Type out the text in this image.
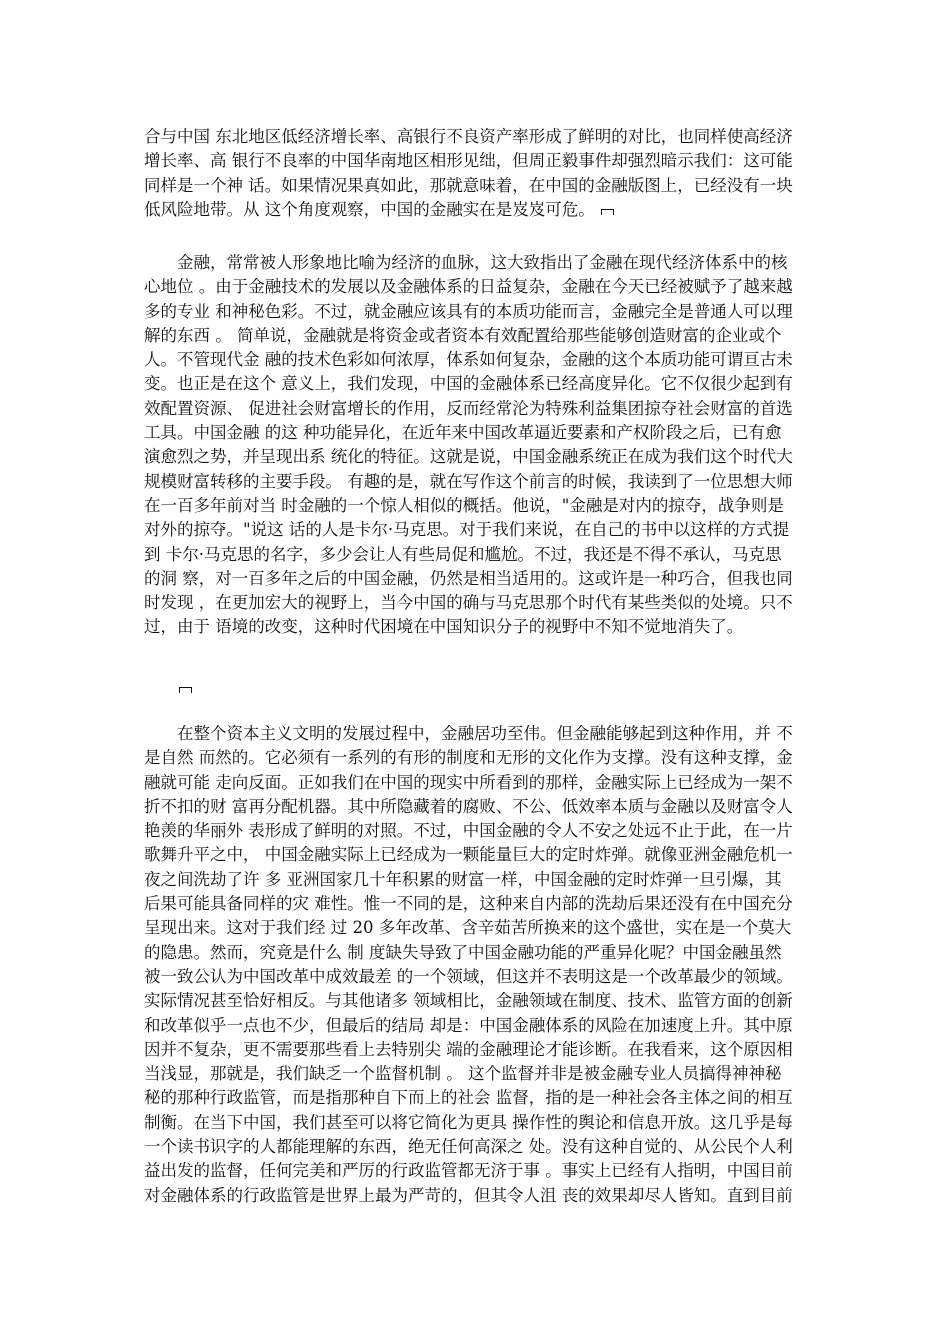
合与中国 东北地区低经济增长率、高银行不良资产率形成了鲜明的对比，也同样使高经济
增长率、高 银行不良率的中国华南地区相形见绌，但周正毅事件却强烈暗示我们：这可能
同样是一个神 话。如果情况果真如此，那就意味着，在中国的金融版图上，已经没有一块
低风险地带。从 这个角度观察，中国的金融实在是岌岌可危。
　　金融，常常被人形象地比喻为经济的血脉，这大致指出了金融在现代经济体系中的核
心地位 。由于金融技术的发展以及金融体系的日益复杂，金融在今天已经被赋予了越来越
多的专业 和神秘色彩。不过，就金融应该具有的本质功能而言，金融完全是普通人可以理
解的东西 。 简单说，金融就是将资金或者资本有效配置给那些能够创造财富的企业或个
人。不管现代金 融的技术色彩如何浓厚，体系如何复杂，金融的这个本质功能可谓亘古未
变。也正是在这个 意义上，我们发现，中国的金融体系已经高度异化。它不仅很少起到有
效配置资源、 促进社会财富增长的作用，反而经常沦为特殊利益集团掠夺社会财富的首选
工具。中国金融 的这 种功能异化，在近年来中国改革逼近要素和产权阶段之后，已有愈
演愈烈之势，并呈现出系 统化的特征。这就是说，中国金融系统正在成为我们这个时代大
规模财富转移的主要手段。 有趣的是，就在写作这个前言的时候，我读到了一位思想大师
在一百多年前对当 时金融的一个惊人相似的概括。他说，"金融是对内的掠夺，战争则是
对外的掠夺。"说这 话的人是卡尔·马克思。对于我们来说，在自己的书中以这样的方式提
到 卡尔·马克思的名字，多少会让人有些局促和尴尬。不过，我还是不得不承认，马克思
的洞 察，对一百多年之后的中国金融，仍然是相当适用的。这或许是一种巧合，但我也同
时发现 ，在更加宏大的视野上，当今中国的确与马克思那个时代有某些类似的处境。只不
过，由于 语境的改变，这种时代困境在中国知识分子的视野中不知不觉地消失了。
　　在整个资本主义文明的发展过程中，金融居功至伟。但金融能够起到这种作用，并 不
是自然 而然的。它必须有一系列的有形的制度和无形的文化作为支撑。没有这种支撑，金
融就可能 走向反面。正如我们在中国的现实中所看到的那样，金融实际上已经成为一架不
折不扣的财 富再分配机器。其中所隐藏着的腐败、不公、低效率本质与金融以及财富令人
艳羡的华丽外 表形成了鲜明的对照。不过，中国金融的令人不安之处远不止于此，在一片
歌舞升平之中， 中国金融实际上已经成为一颗能量巨大的定时炸弹。就像亚洲金融危机一
夜之间洗劫了许 多 亚洲国家几十年积累的财富一样，中国金融的定时炸弹一旦引爆，其
后果可能具备同样的灾 难性。惟一不同的是，这种来自内部的洗劫后果还没有在中国充分
呈现出来。这对于我们经 过 20 多年改革、含辛茹苦所换来的这个盛世，实在是一个莫大
的隐患。然而，究竟是什么 制 度缺失导致了中国金融功能的严重异化呢？中国金融虽然
被一致公认为中国改革中成效最差 的一个领域，但这并不表明这是一个改革最少的领域。
实际情况甚至恰好相反。与其他诸多 领域相比，金融领域在制度、技术、监管方面的创新
和改革似乎一点也不少，但最后的结局 却是：中国金融体系的风险在加速度上升。其中原
因并不复杂，更不需要那些看上去特别尖 端的金融理论才能诊断。在我看来，这个原因相
当浅显，那就是，我们缺乏一个监督机制 。 这个监督并非是被金融专业人员搞得神神秘
秘的那种行政监管，而是指那种自下而上的社会 监督，指的是一种社会各主体之间的相互
制衡。在当下中国，我们甚至可以将它简化为更具 操作性的舆论和信息开放。这几乎是每
一个读书识字的人都能理解的东西，绝无任何高深之 处。没有这种自觉的、从公民个人利
益出发的监督，任何完美和严厉的行政监管都无济于事 。事实上已经有人指明，中国目前
对金融体系的行政监管是世界上最为严苛的，但其令人沮 丧的效果却尽人皆知。直到目前
